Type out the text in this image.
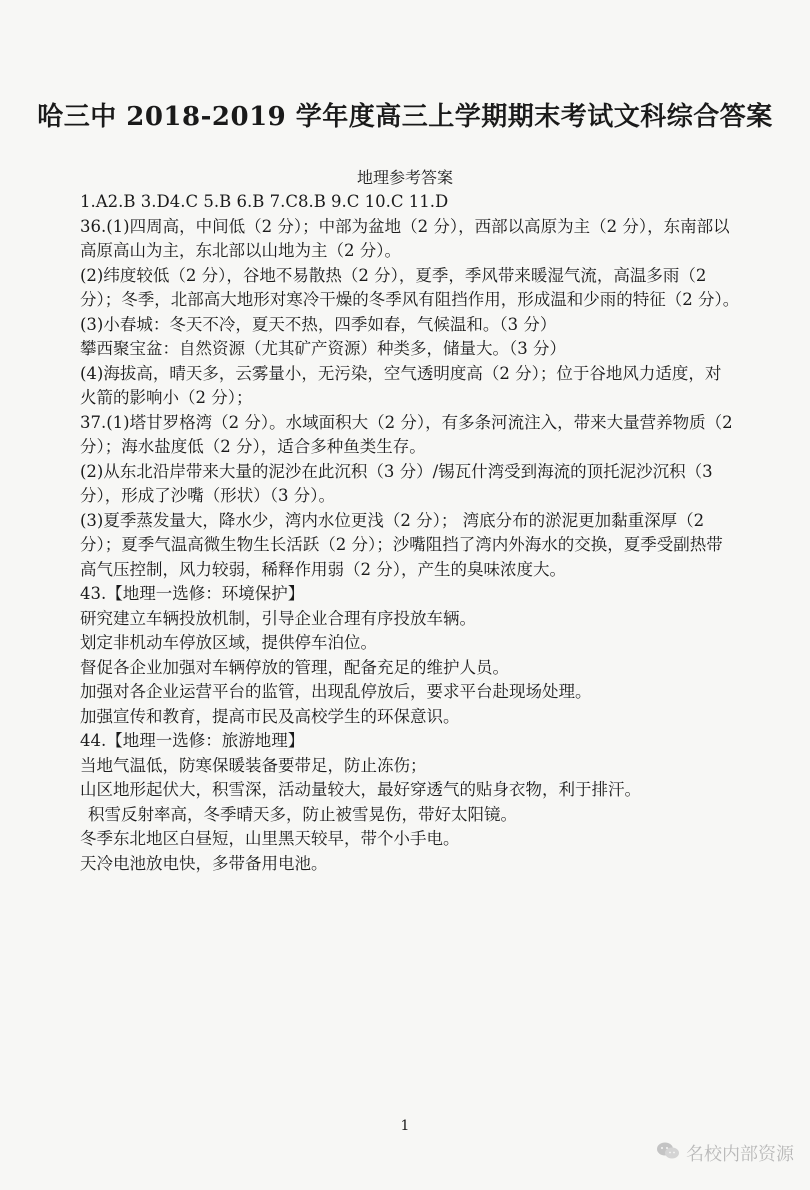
哈三中 2018-2019 学年度高三上学期期末考试文科综合答案
地理参考答案
1.A2.B 3.D4.C 5.B 6.B 7.C8.B 9.C 10.C 11.D
36.(1)四周高，中间低（2 分）；中部为盆地（2 分），西部以高原为主（2 分），东南部以
高原高山为主，东北部以山地为主（2 分）。
(2)纬度较低（2 分），谷地不易散热（2 分），夏季，季风带来暖湿气流，高温多雨（2
分）；冬季，北部高大地形对寒冷干燥的冬季风有阻挡作用，形成温和少雨的特征（2 分）。
(3)小春城：冬天不冷，夏天不热，四季如春，气候温和。（3 分）
攀西聚宝盆：自然资源（尤其矿产资源）种类多，储量大。（3 分）
(4)海拔高，晴天多，云雾量小，无污染，空气透明度高（2 分）；位于谷地风力适度，对
火箭的影响小（2 分）；
37.(1)塔甘罗格湾（2 分）。水域面积大（2 分），有多条河流注入，带来大量营养物质（2
分）；海水盐度低（2 分），适合多种鱼类生存。
(2)从东北沿岸带来大量的泥沙在此沉积（3 分）/锡瓦什湾受到海流的顶托泥沙沉积（3
分），形成了沙嘴（形状）（3 分）。
(3)夏季蒸发量大，降水少，湾内水位更浅（2 分）； 湾底分布的淤泥更加黏重深厚（2
分）；夏季气温高微生物生长活跃（2 分）；沙嘴阻挡了湾内外海水的交换，夏季受副热带
高气压控制，风力较弱，稀释作用弱（2 分），产生的臭味浓度大。
43.【地理一选修：环境保护】
研究建立车辆投放机制，引导企业合理有序投放车辆。
划定非机动车停放区域，提供停车泊位。
督促各企业加强对车辆停放的管理，配备充足的维护人员。
加强对各企业运营平台的监管，出现乱停放后，要求平台赴现场处理。
加强宣传和教育，提高市民及高校学生的环保意识。
44.【地理一选修：旅游地理】
当地气温低，防寒保暖装备要带足，防止冻伤；
山区地形起伏大，积雪深，活动量较大，最好穿透气的贴身衣物，利于排汗。
积雪反射率高，冬季晴天多，防止被雪晃伤，带好太阳镜。
冬季东北地区白昼短，山里黑天较早，带个小手电。
天冷电池放电快，多带备用电池。
1
名校内部资源
